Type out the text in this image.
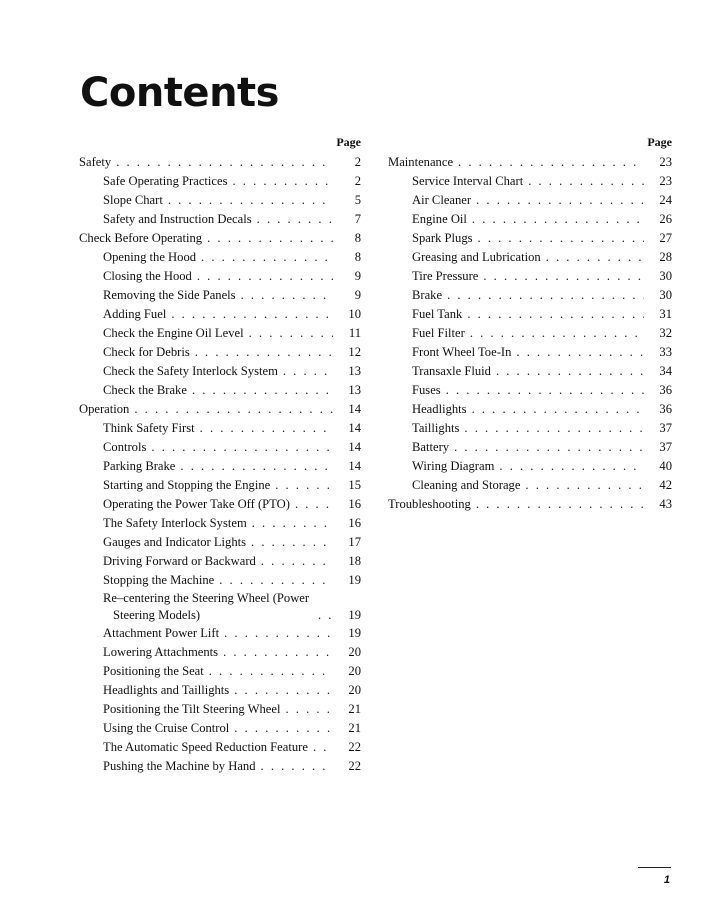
Contents
Page
Safety . . .	2
Safe Operating Practices . . .	2
Slope Chart . . .	5
Safety and Instruction Decals . . .	7
Check Before Operating . . .	8
Opening the Hood . . .	8
Closing the Hood . . .	9
Removing the Side Panels . . .	9
Adding Fuel . . .	10
Check the Engine Oil Level . . .	11
Check for Debris . . .	12
Check the Safety Interlock System . . .	13
Check the Brake . . .	13
Operation . . .	14
Think Safety First . . .	14
Controls . . .	14
Parking Brake . . .	14
Starting and Stopping the Engine . . .	15
Operating the Power Take Off (PTO) . . .	16
The Safety Interlock System . . .	16
Gauges and Indicator Lights . . .	17
Driving Forward or Backward . . .	18
Stopping the Machine . . .	19
Re–centering the Steering Wheel (Power
Steering Models) . . .	19
Attachment Power Lift . . .	19
Lowering Attachments . . .	20
Positioning the Seat . . .	20
Headlights and Taillights . . .	20
Positioning the Tilt Steering Wheel . . .	21
Using the Cruise Control . . .	21
The Automatic Speed Reduction Feature . . .	22
Pushing the Machine by Hand . . .	22
Page
Maintenance . . .	23
Service Interval Chart . . .	23
Air Cleaner . . .	24
Engine Oil . . .	26
Spark Plugs . . .	27
Greasing and Lubrication . . .	28
Tire Pressure . . .	30
Brake . . .	30
Fuel Tank . . .	31
Fuel Filter . . .	32
Front Wheel Toe-In . . .	33
Transaxle Fluid . . .	34
Fuses . . .	36
Headlights . . .	36
Taillights . . .	37
Battery . . .	37
Wiring Diagram . . .	40
Cleaning and Storage . . .	42
Troubleshooting . . .	43
1
